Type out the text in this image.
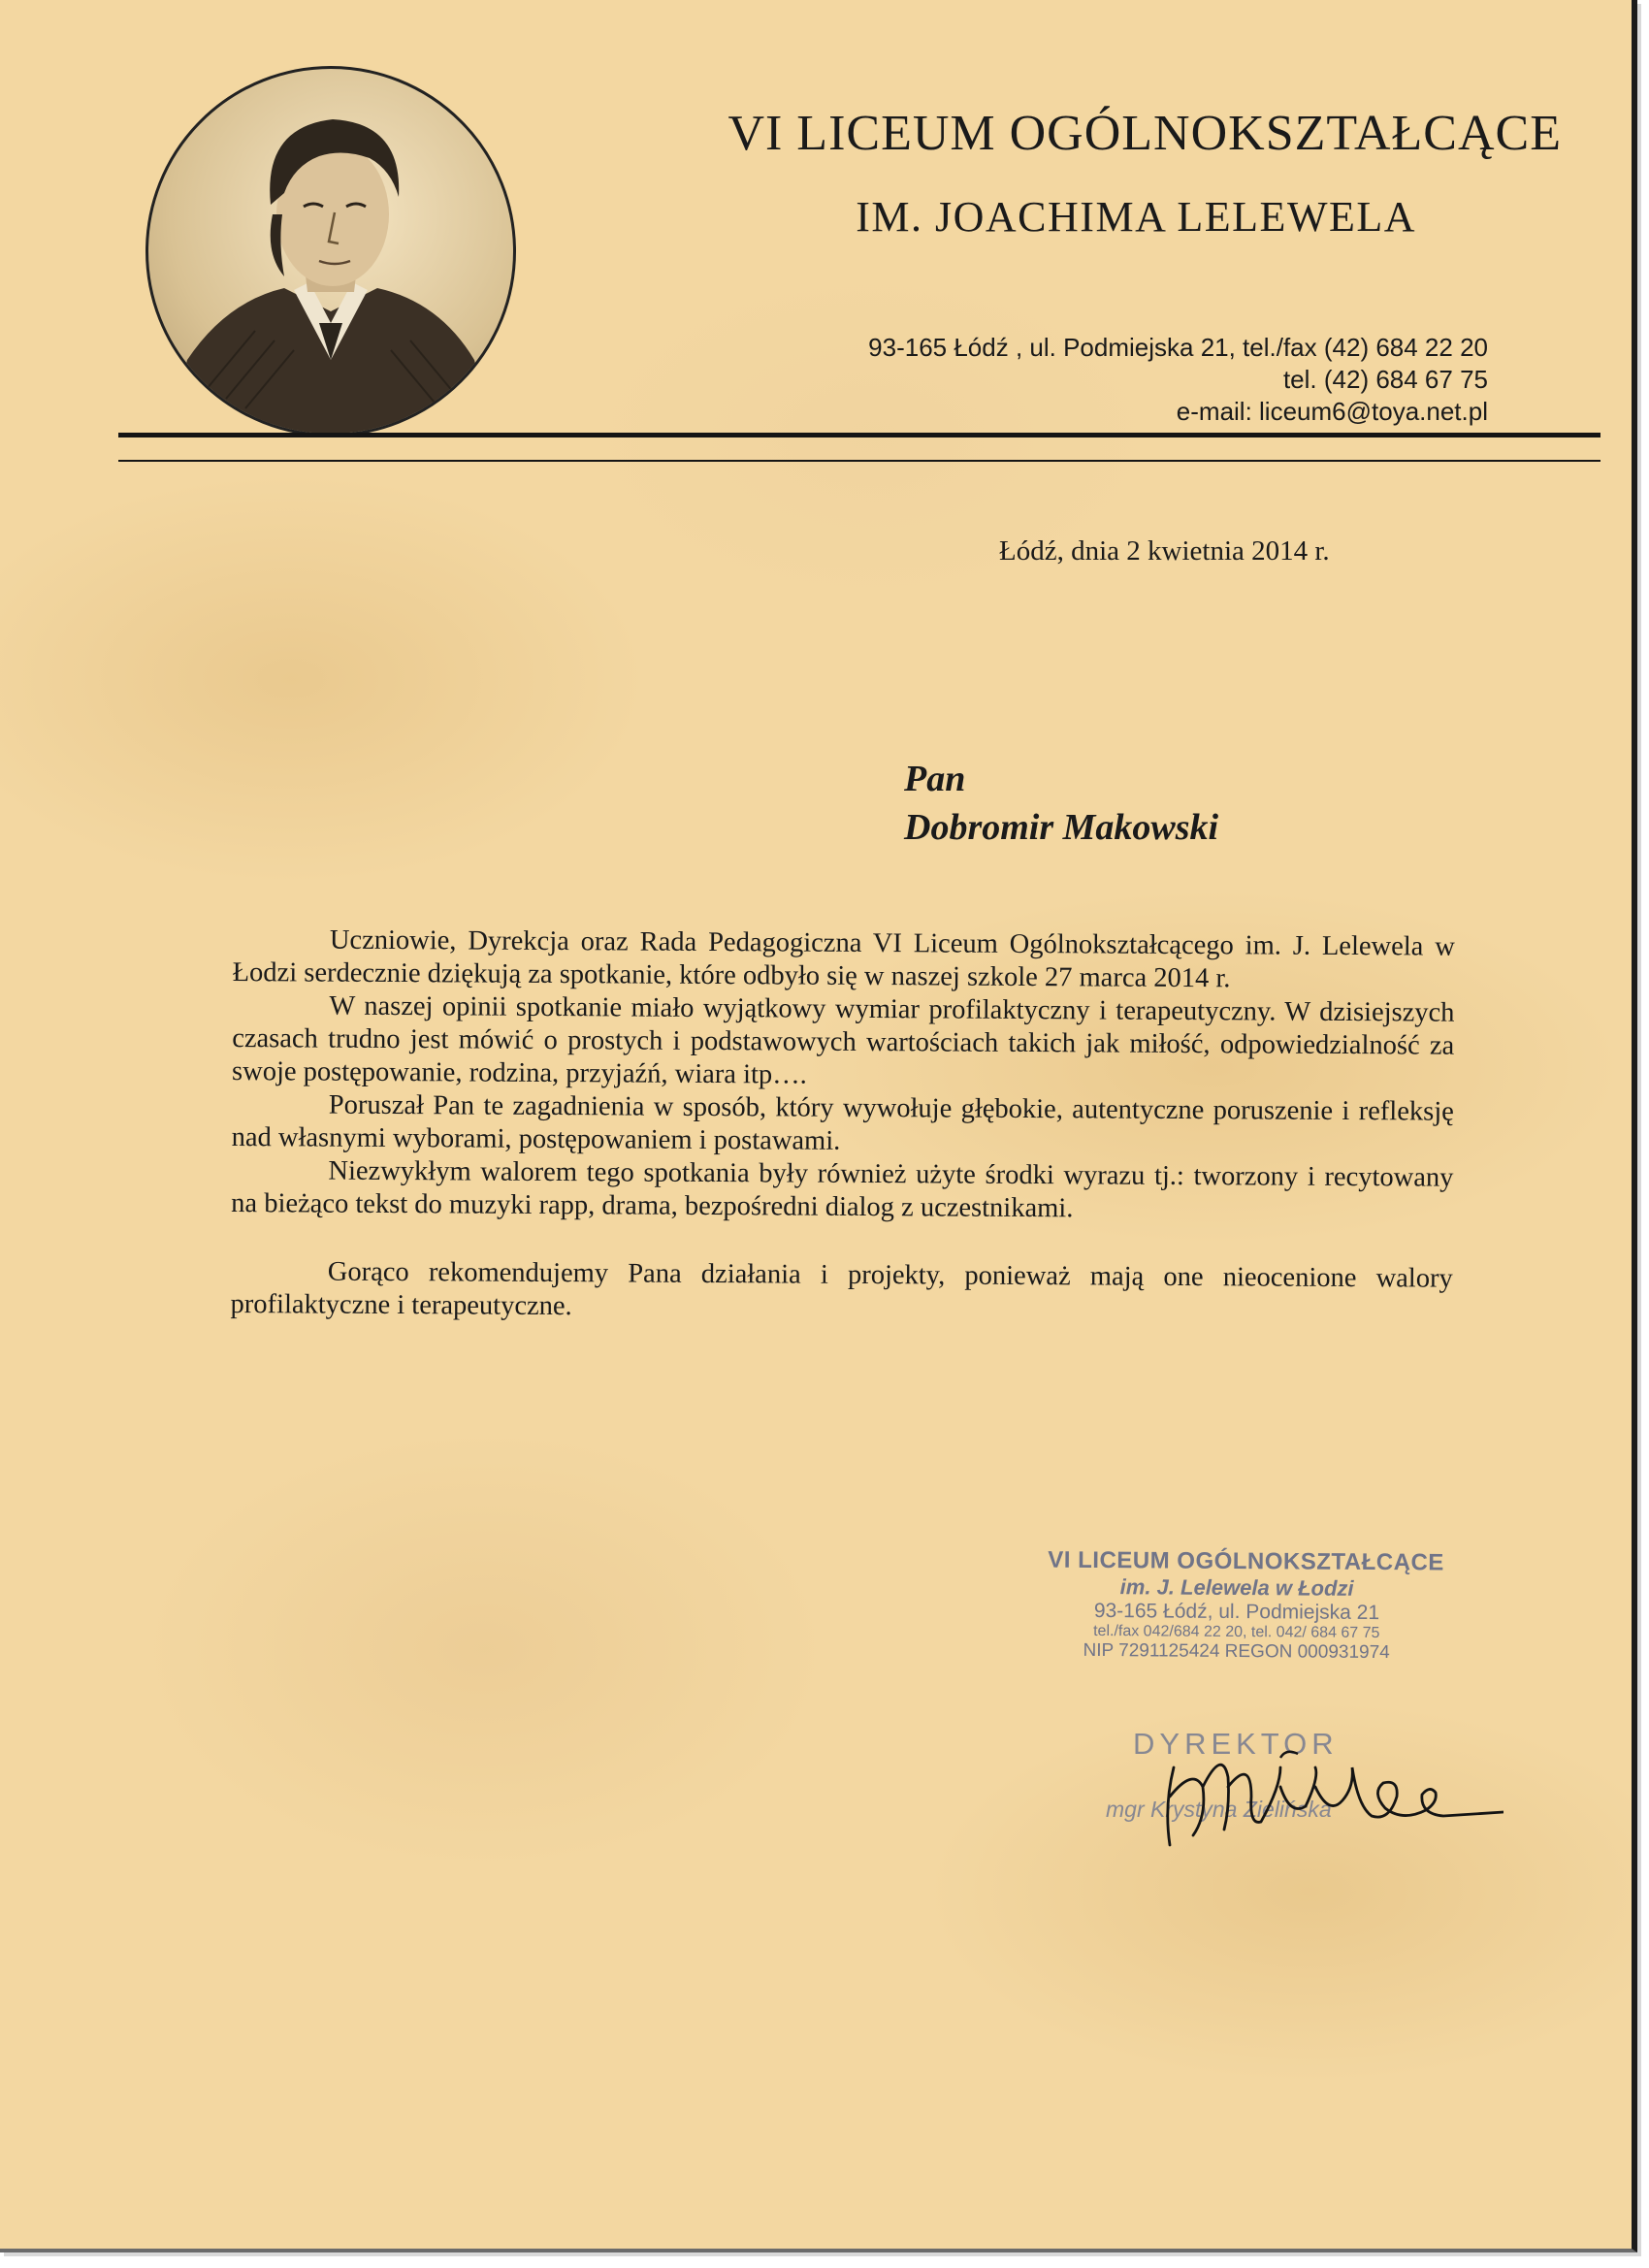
VI LICEUM OGÓLNOKSZTAŁCĄCE
IM. JOACHIMA LELEWELA
93-165 Łódź , ul. Podmiejska 21, tel./fax (42) 684 22 20
tel. (42) 684 67 75
e-mail: liceum6@toya.net.pl
Łódź, dnia 2 kwietnia 2014 r.
Pan
Dobromir Makowski

Uczniowie, Dyrekcja oraz Rada Pedagogiczna VI Liceum Ogólnokształcącego im. J. Lelewela w Łodzi serdecznie dziękują za spotkanie, które odbyło się w naszej szkole 27 marca 2014 r.

W naszej opinii spotkanie miało wyjątkowy wymiar profilaktyczny i terapeutyczny. W dzisiejszych czasach trudno jest mówić o prostych i podstawowych wartościach takich jak miłość, odpowiedzialność za swoje postępowanie, rodzina, przyjaźń, wiara itp….

Poruszał Pan te zagadnienia w sposób, który wywołuje głębokie, autentyczne poruszenie i refleksję nad własnymi wyborami, postępowaniem i postawami.

Niezwykłym walorem tego spotkania były również użyte środki wyrazu tj.: tworzony i recytowany na bieżąco tekst do muzyki rapp, drama, bezpośredni dialog z uczestnikami.

Gorąco rekomendujemy Pana działania i projekty, ponieważ mają one nieocenione walory profilaktyczne i terapeutyczne.

VI LICEUM OGÓLNOKSZTAŁCĄCE
im. J. Lelewela w Łodzi
93-165 Łódź, ul. Podmiejska 21
tel./fax 042/684 22 20, tel. 042/ 684 67 75
NIP 7291125424 REGON 000931974
DYREKTOR
mgr Krystyna Zielińska
